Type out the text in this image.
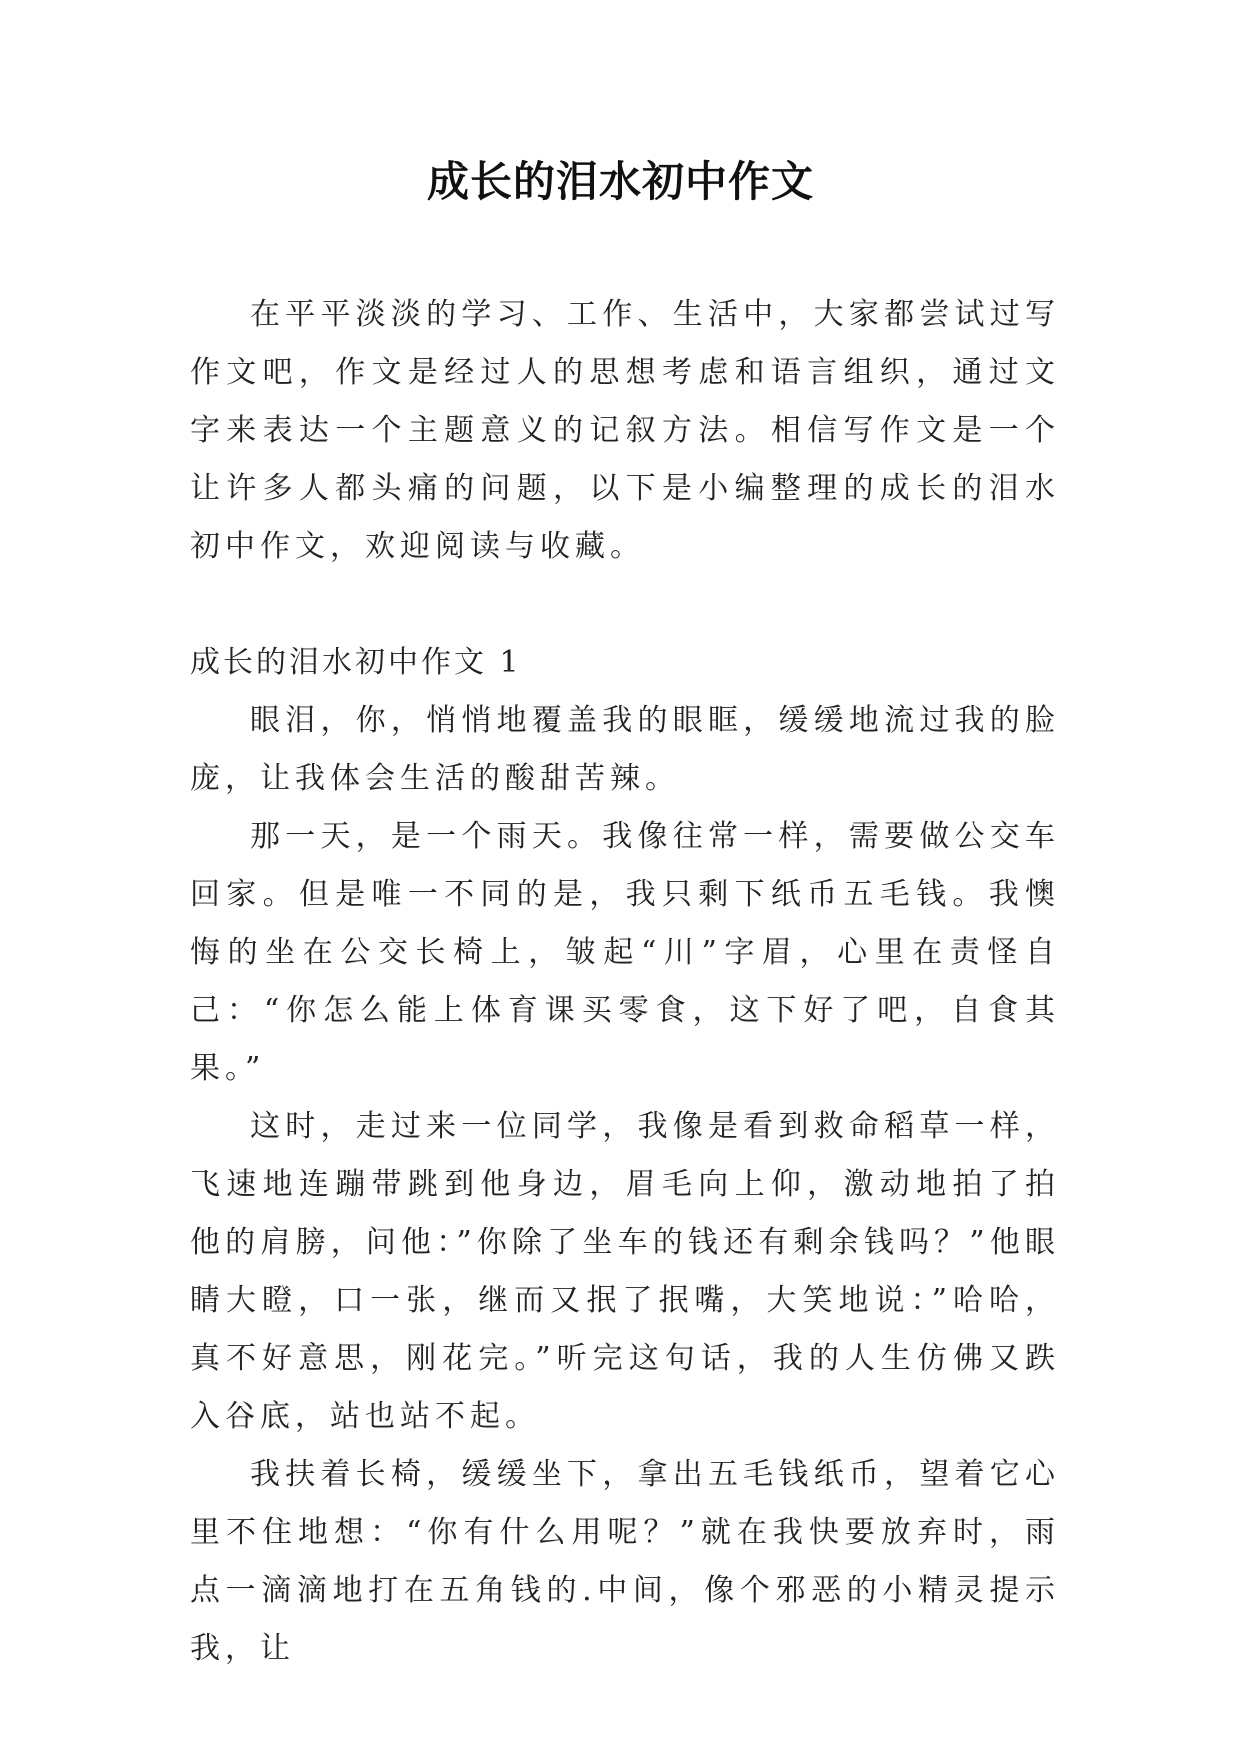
成长的泪水初中作文

在平平淡淡的学习、工作、生活中，大家都尝试过写作文吧，作文是经过人的思想考虑和语言组织，通过文字来表达一个主题意义的记叙方法。相信写作文是一个让许多人都头痛的问题，以下是小编整理的成长的泪水初中作文，欢迎阅读与收藏。

成长的泪水初中作文 1

眼泪，你，悄悄地覆盖我的眼眶，缓缓地流过我的脸庞，让我体会生活的酸甜苦辣。

那一天，是一个雨天。我像往常一样，需要做公交车回家。但是唯一不同的是，我只剩下纸币五毛钱。我懊悔的坐在公交长椅上，皱起“川”字眉，心里在责怪自己：“你怎么能上体育课买零食，这下好了吧，自食其果。”

这时，走过来一位同学，我像是看到救命稻草一样，飞速地连蹦带跳到他身边，眉毛向上仰，激动地拍了拍他的肩膀，问他：”你除了坐车的钱还有剩余钱吗？”他眼睛大瞪，口一张，继而又抿了抿嘴，大笑地说：”哈哈，真不好意思，刚花完。”听完这句话，我的人生仿佛又跌入谷底，站也站不起。

我扶着长椅，缓缓坐下，拿出五毛钱纸币，望着它心里不住地想：“你有什么用呢？”就在我快要放弃时，雨点一滴滴地打在五角钱的.中间，像个邪恶的小精灵提示我，让
